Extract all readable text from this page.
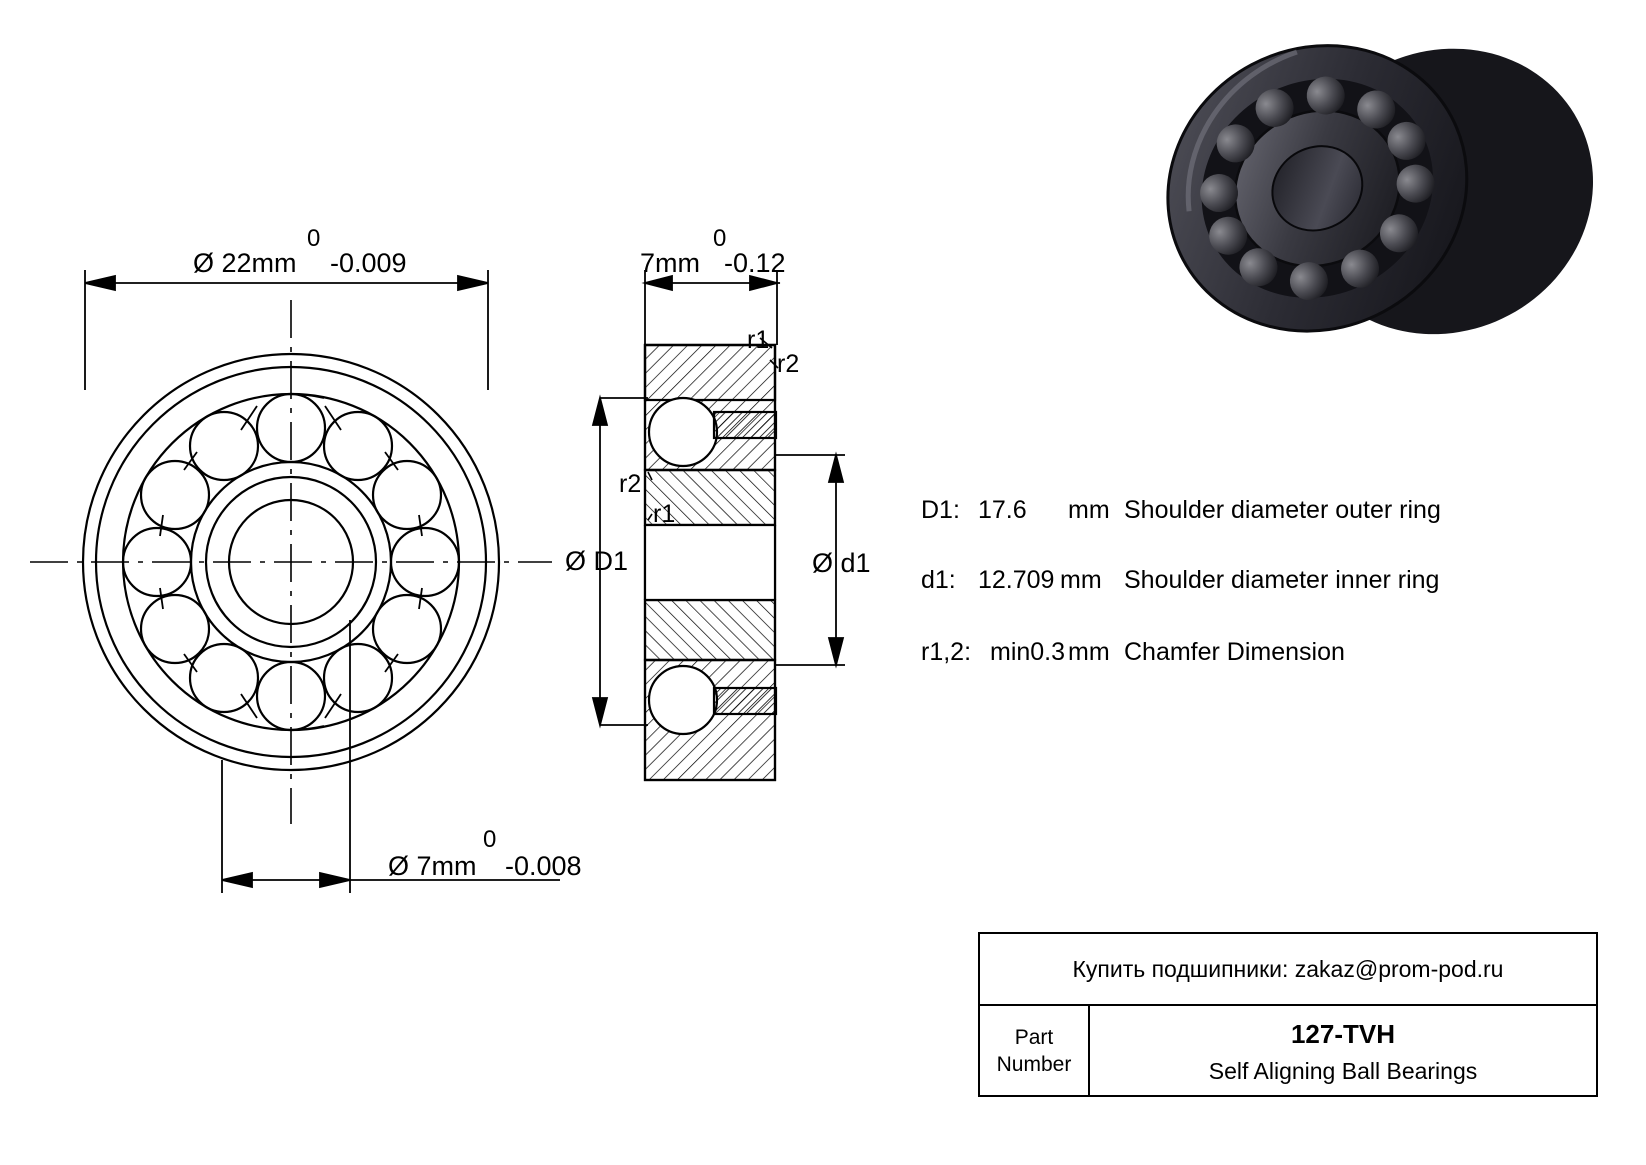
0
Ø 22mm -0.009
0
Ø 7mm -0.008
0
7mm -0.12
r1
r2
r2
r1
Ø D1	Ø d1
D1: 17.6 mm Shoulder diameter outer ring
d1: 12.709 mm Shoulder diameter inner ring
r1,2: min0.3 mm Chamfer Dimension
Купить подшипники: zakaz@prom-pod.ru
Part
Number
127-TVH
Self Aligning Ball Bearings
